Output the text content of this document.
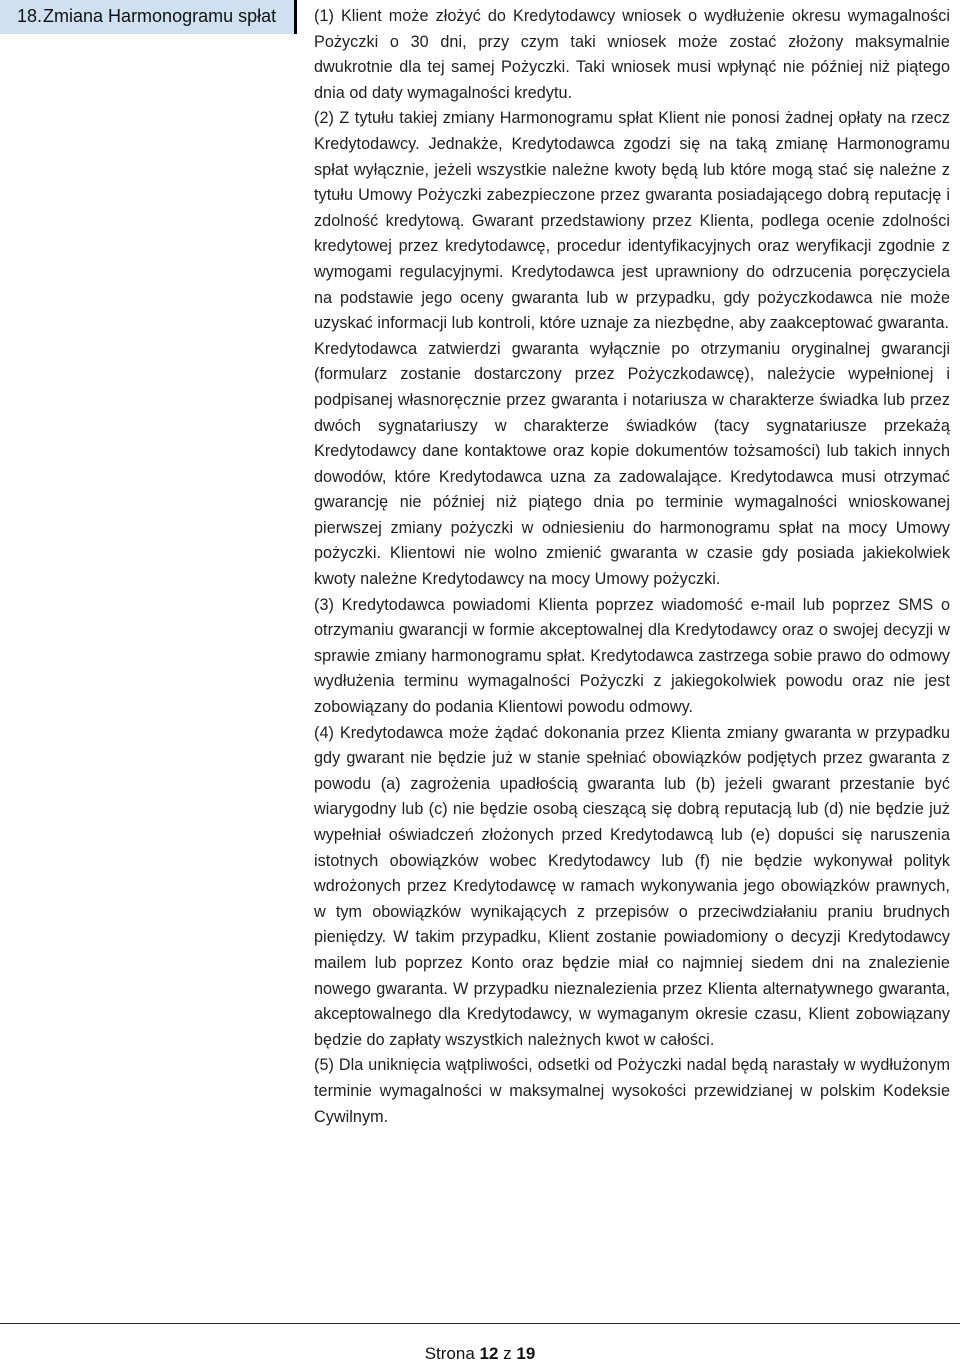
18.Zmiana Harmonogramu spłat	(1) Klient może złożyć do Kredytodawcy wniosek o wydłużenie okresu wymagalności Pożyczki o 30 dni, przy czym taki wniosek może zostać złożony maksymalnie dwukrotnie dla tej samej Pożyczki. Taki wniosek musi wpłynąć nie później niż piątego dnia od daty wymagalności kredytu.

(2) Z tytułu takiej zmiany Harmonogramu spłat Klient nie ponosi żadnej opłaty na rzecz Kredytodawcy. Jednakże, Kredytodawca zgodzi się na taką zmianę Harmonogramu spłat wyłącznie, jeżeli wszystkie należne kwoty będą lub które mogą stać się należne z tytułu Umowy Pożyczki zabezpieczone przez gwaranta posiadającego dobrą reputację i zdolność kredytową. Gwarant przedstawiony przez Klienta, podlega ocenie zdolności kredytowej przez kredytodawcę, procedur identyfikacyjnych oraz weryfikacji zgodnie z wymogami regulacyjnymi. Kredytodawca jest uprawniony do odrzucenia poręczyciela na podstawie jego oceny gwaranta lub w przypadku, gdy pożyczkodawca nie może uzyskać informacji lub kontroli, które uznaje za niezbędne, aby zaakceptować gwaranta.

Kredytodawca zatwierdzi gwaranta wyłącznie po otrzymaniu oryginalnej gwarancji (formularz zostanie dostarczony przez Pożyczkodawcę), należycie wypełnionej i podpisanej własnoręcznie przez gwaranta i notariusza w charakterze świadka lub przez dwóch sygnatariuszy w charakterze świadków (tacy sygnatariusze przekażą Kredytodawcy dane kontaktowe oraz kopie dokumentów tożsamości) lub takich innych dowodów, które Kredytodawca uzna za zadowalające. Kredytodawca musi otrzymać gwarancję nie później niż piątego dnia po terminie wymagalności wnioskowanej pierwszej zmiany pożyczki w odniesieniu do harmonogramu spłat na mocy Umowy pożyczki. Klientowi nie wolno zmienić gwaranta w czasie gdy posiada jakiekolwiek kwoty należne Kredytodawcy na mocy Umowy pożyczki.

(3) Kredytodawca powiadomi Klienta poprzez wiadomość e-mail lub poprzez SMS o otrzymaniu gwarancji w formie akceptowalnej dla Kredytodawcy oraz o swojej decyzji w sprawie zmiany harmonogramu spłat. Kredytodawca zastrzega sobie prawo do odmowy wydłużenia terminu wymagalności Pożyczki z jakiegokolwiek powodu oraz nie jest zobowiązany do podania Klientowi powodu odmowy.

(4) Kredytodawca może żądać dokonania przez Klienta zmiany gwaranta w przypadku gdy gwarant nie będzie już w stanie spełniać obowiązków podjętych przez gwaranta z powodu (a) zagrożenia upadłością gwaranta lub (b) jeżeli gwarant przestanie być wiarygodny lub (c) nie będzie osobą cieszącą się dobrą reputacją lub (d) nie będzie już wypełniał oświadczeń złożonych przed Kredytodawcą lub (e) dopuści się naruszenia istotnych obowiązków wobec Kredytodawcy lub (f) nie będzie wykonywał polityk wdrożonych przez Kredytodawcę w ramach wykonywania jego obowiązków prawnych, w tym obowiązków wynikających z przepisów o przeciwdziałaniu praniu brudnych pieniędzy. W takim przypadku, Klient zostanie powiadomiony o decyzji Kredytodawcy mailem lub poprzez Konto oraz będzie miał co najmniej siedem dni na znalezienie nowego gwaranta. W przypadku nieznalezienia przez Klienta alternatywnego gwaranta, akceptowalnego dla Kredytodawcy, w wymaganym okresie czasu, Klient zobowiązany będzie do zapłaty wszystkich należnych kwot w całości.

(5) Dla uniknięcia wątpliwości, odsetki od Pożyczki nadal będą narastały w wydłużonym terminie wymagalności w maksymalnej wysokości przewidzianej w polskim Kodeksie Cywilnym.

Strona 12 z 19
